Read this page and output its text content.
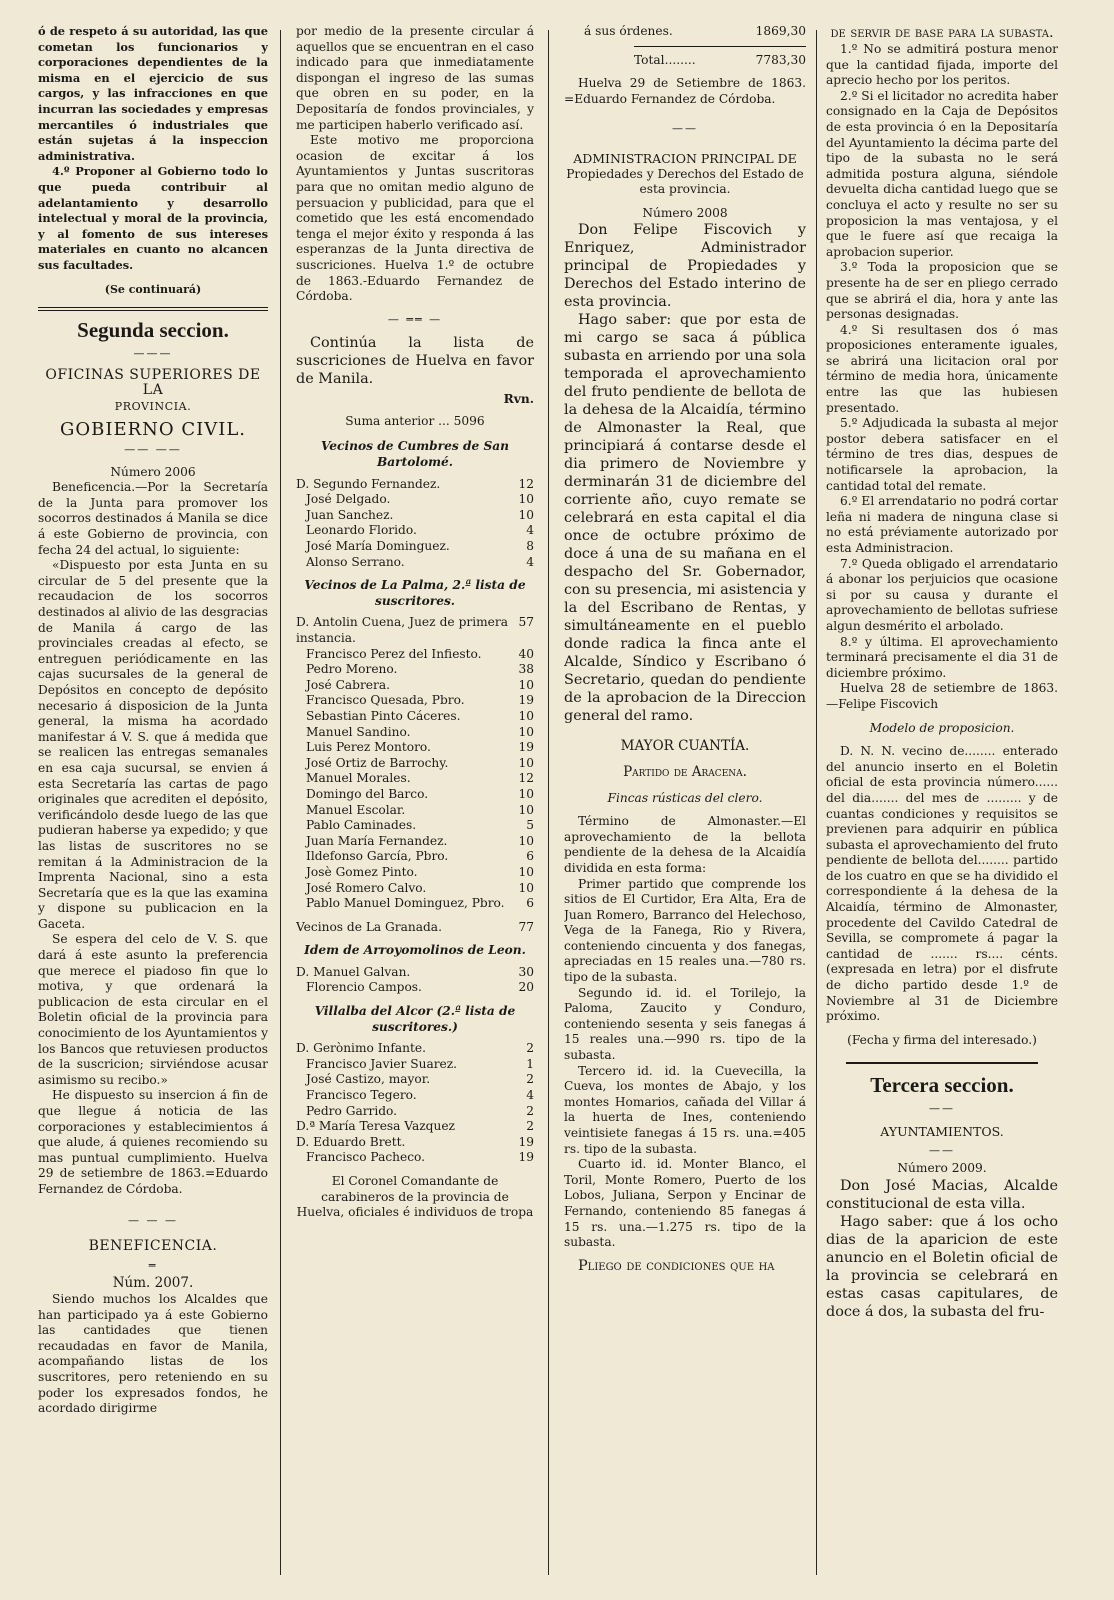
ó de respeto á su autoridad, las que cometan los funcionarios y corporaciones dependientes de la misma en el ejercicio de sus cargos, y las infracciones en que incurran las sociedades y empresas mercantiles ó industriales que están sujetas á la inspeccion administrativa.

4.º Proponer al Gobierno todo lo que pueda contribuir al adelantamiento y desarrollo intelectual y moral de la provincia, y al fomento de sus intereses materiales en cuanto no alcancen sus facultades.

(Se continuará)

Segunda seccion.
———
OFICINAS SUPERIORES DE LA
PROVINCIA.
GOBIERNO CIVIL.
—— ——

Número 2006

Beneficencia.—Por la Secretaría de la Junta para promover los socorros destinados á Manila se dice á este Gobierno de provincia, con fecha 24 del actual, lo siguiente:

«Dispuesto por esta Junta en su circular de 5 del presente que la recaudacion de los socorros destinados al alivio de las desgracias de Manila á cargo de las provinciales creadas al efecto, se entreguen periódicamente en las cajas sucursales de la general de Depósitos en concepto de depósito necesario á disposicion de la Junta general, la misma ha acordado manifestar á V. S. que á medida que se realicen las entregas semanales en esa caja sucursal, se envien á esta Secretaría las cartas de pago originales que acrediten el depósito, verificándolo desde luego de las que pudieran haberse ya expedido; y que las listas de suscritores no se remitan á la Administracion de la Imprenta Nacional, sino a esta Secretaría que es la que las examina y dispone su publicacion en la Gaceta.

Se espera del celo de V. S. que dará á este asunto la preferencia que merece el piadoso fin que lo motiva, y que ordenará la publicacion de esta circular en el Boletin oficial de la provincia para conocimiento de los Ayuntamientos y los Bancos que retuviesen productos de la suscricion; sirviéndose acusar asimismo su recibo.»

He dispuesto su insercion á fin de que llegue á noticia de las corporaciones y establecimientos á que alude, á quienes recomiendo su mas puntual cumplimiento. Huelva 29 de setiembre de 1863.=Eduardo Fernandez de Córdoba.

— — —
BENEFICENCIA.
═

Núm. 2007.

Siendo muchos los Alcaldes que han participado ya á este Gobierno las cantidades que tienen recaudadas en favor de Manila, acompañando listas de los suscritores, pero reteniendo en su poder los expresados fondos, he acordado dirigirme

por medio de la presente circular á aquellos que se encuentran en el caso indicado para que inmediatamente dispongan el ingreso de las sumas que obren en su poder, en la Depositaría de fondos provinciales, y me participen haberlo verificado así.

Este motivo me proporciona ocasion de excitar á los Ayuntamientos y Juntas suscritoras para que no omitan medio alguno de persuacion y publicidad, para que el cometido que les está encomendado tenga el mejor éxito y responda á las esperanzas de la Junta directiva de suscriciones. Huelva 1.º de octubre de 1863.-Eduardo Fernandez de Córdoba.

— ══ —

Continúa la lista de suscriciones de Huelva en favor de Manila.

Rvn.

Suma anterior ... 5096

Vecinos de Cumbres de San Bartolomé.

D. Segundo Fernandez.	12
José Delgado.	10
Juan Sanchez.	10
Leonardo Florido.	4
José María Dominguez.	8
Alonso Serrano.	4

Vecinos de La Palma, 2.ª lista de suscritores.

D. Antolin Cuena, Juez de primera instancia.
57
Francisco Perez del Infiesto.	40
Pedro Moreno.	38
José Cabrera.	10
Francisco Quesada, Pbro.	19
Sebastian Pinto Cáceres.	10
Manuel Sandino.	10
Luis Perez Montoro.	19
José Ortiz de Barrochy.	10
Manuel Morales.	12
Domingo del Barco.	10
Manuel Escolar.	10
Pablo Caminades.	5
Juan María Fernandez.	10
Ildefonso García, Pbro.	6
Josè Gomez Pinto.	10
José Romero Calvo.	10
Pablo Manuel Dominguez, Pbro.	6
Vecinos de La Granada.	77

Idem de Arroyomolinos de Leon.

D. Manuel Galvan.	30
Florencio Campos.	20

Villalba del Alcor (2.ª lista de suscritores.)

D. Gerònimo Infante.	2
Francisco Javier Suarez.	1
José Castizo, mayor.	2
Francisco Tegero.	4
Pedro Garrido.	2
D.ª María Teresa Vazquez	2
D. Eduardo Brett.	19
Francisco Pacheco.	19

El Coronel Comandante de carabineros de la provincia de Huelva, oficiales é individuos de tropa

á sus órdenes.	1869,30
Total........	7783,30

Huelva 29 de Setiembre de 1863. =Eduardo Fernandez de Córdoba.

——
ADMINISTRACION PRINCIPAL DE

Propiedades y Derechos del Estado de esta provincia.

Número 2008

Don Felipe Fiscovich y Enriquez, Administrador principal de Propiedades y Derechos del Estado interino de esta provincia.

Hago saber: que por esta de mi cargo se saca á pública subasta en arriendo por una sola temporada el aprovechamiento del fruto pendiente de bellota de la dehesa de la Alcaidía, término de Almonaster la Real, que principiará á contarse desde el dia primero de Noviembre y derminarán 31 de diciembre del corriente año, cuyo remate se celebrará en esta capital el dia once de octubre próximo de doce á una de su mañana en el despacho del Sr. Gobernador, con su presencia, mi asistencia y la del Escribano de Rentas, y simultáneamente en el pueblo donde radica la finca ante el Alcalde, Síndico y Escribano ó Secretario, quedan do pendiente de la aprobacion de la Direccion general del ramo.

MAYOR CUANTÍA.

Partido de Aracena.

Fincas rústicas del clero.

Término de Almonaster.—El aprovechamiento de la bellota pendiente de la dehesa de la Alcaidía dividida en esta forma:

Primer partido que comprende los sitios de El Curtidor, Era Alta, Era de Juan Romero, Barranco del Helechoso, Vega de la Fanega, Rio y Rivera, conteniendo cincuenta y dos fanegas, apreciadas en 15 reales una.—780 rs. tipo de la subasta.

Segundo id. id. el Torilejo, la Paloma, Zaucito y Conduro, conteniendo sesenta y seis fanegas á 15 reales una.—990 rs. tipo de la subasta.

Tercero id. id. la Cuevecilla, la Cueva, los montes de Abajo, y los montes Homarios, cañada del Villar á la huerta de Ines, conteniendo veintisiete fanegas á 15 rs. una.=405 rs. tipo de la subasta.

Cuarto id. id. Monter Blanco, el Toril, Monte Romero, Puerto de los Lobos, Juliana, Serpon y Encinar de Fernando, conteniendo 85 fanegas á 15 rs. una.—1.275 rs. tipo de la subasta.

Pliego de condiciones que ha

de servir de base para la subasta.

1.º No se admitirá postura menor que la cantidad fijada, importe del aprecio hecho por los peritos.

2.º Si el licitador no acredita haber consignado en la Caja de Depósitos de esta provincia ó en la Depositaría del Ayuntamiento la décima parte del tipo de la subasta no le será admitida postura alguna, siéndole devuelta dicha cantidad luego que se concluya el acto y resulte no ser su proposicion la mas ventajosa, y el que le fuere así que recaiga la aprobacion superior.

3.º Toda la proposicion que se presente ha de ser en pliego cerrado que se abrirá el dia, hora y ante las personas designadas.

4.º Si resultasen dos ó mas proposiciones enteramente iguales, se abrirá una licitacion oral por término de media hora, únicamente entre las que las hubiesen presentado.

5.º Adjudicada la subasta al mejor postor debera satisfacer en el término de tres dias, despues de notificarsele la aprobacion, la cantidad total del remate.

6.º El arrendatario no podrá cortar leña ni madera de ninguna clase si no está préviamente autorizado por esta Administracion.

7.º Queda obligado el arrendatario á abonar los perjuicios que ocasione si por su causa y durante el aprovechamiento de bellotas sufriese algun desmérito el arbolado.

8.º y última. El aprovechamiento terminará precisamente el dia 31 de diciembre próximo.

Huelva 28 de setiembre de 1863. —Felipe Fiscovich

Modelo de proposicion.

D. N. N. vecino de........ enterado del anuncio inserto en el Boletin oficial de esta provincia número...... del dia....... del mes de ......... y de cuantas condiciones y requisitos se previenen para adquirir en pública subasta el aprovechamiento del fruto pendiente de bellota del........ partido de los cuatro en que se ha dividido el correspondiente á la dehesa de la Alcaidía, término de Almonaster, procedente del Cavildo Catedral de Sevilla, se compromete á pagar la cantidad de ....... rs.... cénts. (expresada en letra) por el disfrute de dicho partido desde 1.º de Noviembre al 31 de Diciembre próximo.

(Fecha y firma del interesado.)

Tercera seccion.
——

AYUNTAMIENTOS.

——

Número 2009.

Don José Macias, Alcalde constitucional de esta villa.

Hago saber: que á los ocho dias de la aparicion de este anuncio en el Boletin oficial de la provincia se celebrará en estas casas capitulares, de doce á dos, la subasta del fru-
